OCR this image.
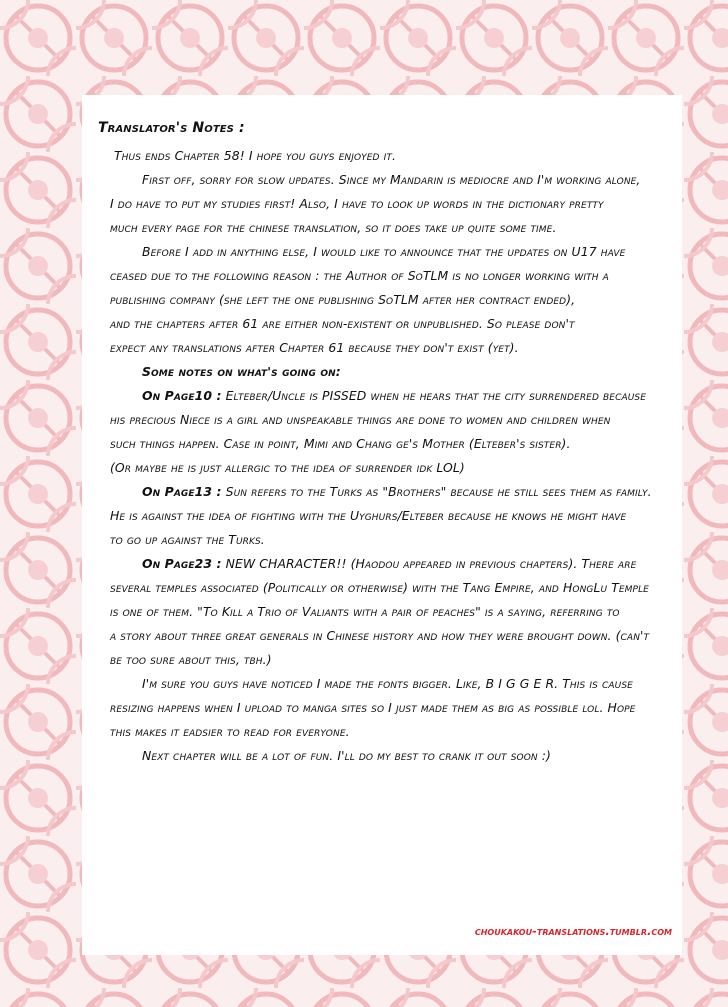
Translator's Notes :
Thus ends Chapter 58! I hope you guys enjoyed it.
First off, sorry for slow updates. Since my Mandarin is mediocre and I'm working alone,
I do have to put my studies first! Also, I have to look up words in the dictionary pretty
much every page for the chinese translation, so it does take up quite some time.
Before I add in anything else, I would like to announce that the updates on U17 have
ceased due to the following reason : the Author of SoTLM is no longer working with a
publishing company (she left the one publishing SoTLM after her contract ended),
and the chapters after 61 are either non-existent or unpublished. So please don't
expect any translations after Chapter 61 because they don't exist (yet).
Some notes on what's going on:
On Page10 : Elteber/Uncle is PISSED when he hears that the city surrendered because
his precious Niece is a girl and unspeakable things are done to women and children when
such things happen. Case in point, Mimi and Chang ge's Mother (Elteber's sister).
(Or maybe he is just allergic to the idea of surrender idk LOL)
On Page13 : Sun refers to the Turks as "Brothers" because he still sees them as family.
He is against the idea of fighting with the Uyghurs/Elteber because he knows he might have
to go up against the Turks.
On Page23 : NEW CHARACTER!! (Haodou appeared in previous chapters). There are
several temples associated (Politically or otherwise) with the Tang Empire, and HongLu Temple
is one of them. "To Kill a Trio of Valiants with a pair of peaches" is a saying, referring to
a story about three great generals in Chinese history and how they were brought down. (can't
be too sure about this, tbh.)
I'm sure you guys have noticed I made the fonts bigger. Like, B I G G E R. This is cause
resizing happens when I upload to manga sites so I just made them as big as possible lol. Hope
this makes it eadsier to read for everyone.
Next chapter will be a lot of fun. I'll do my best to crank it out soon :)
choukakou-translations.tumblr.com
